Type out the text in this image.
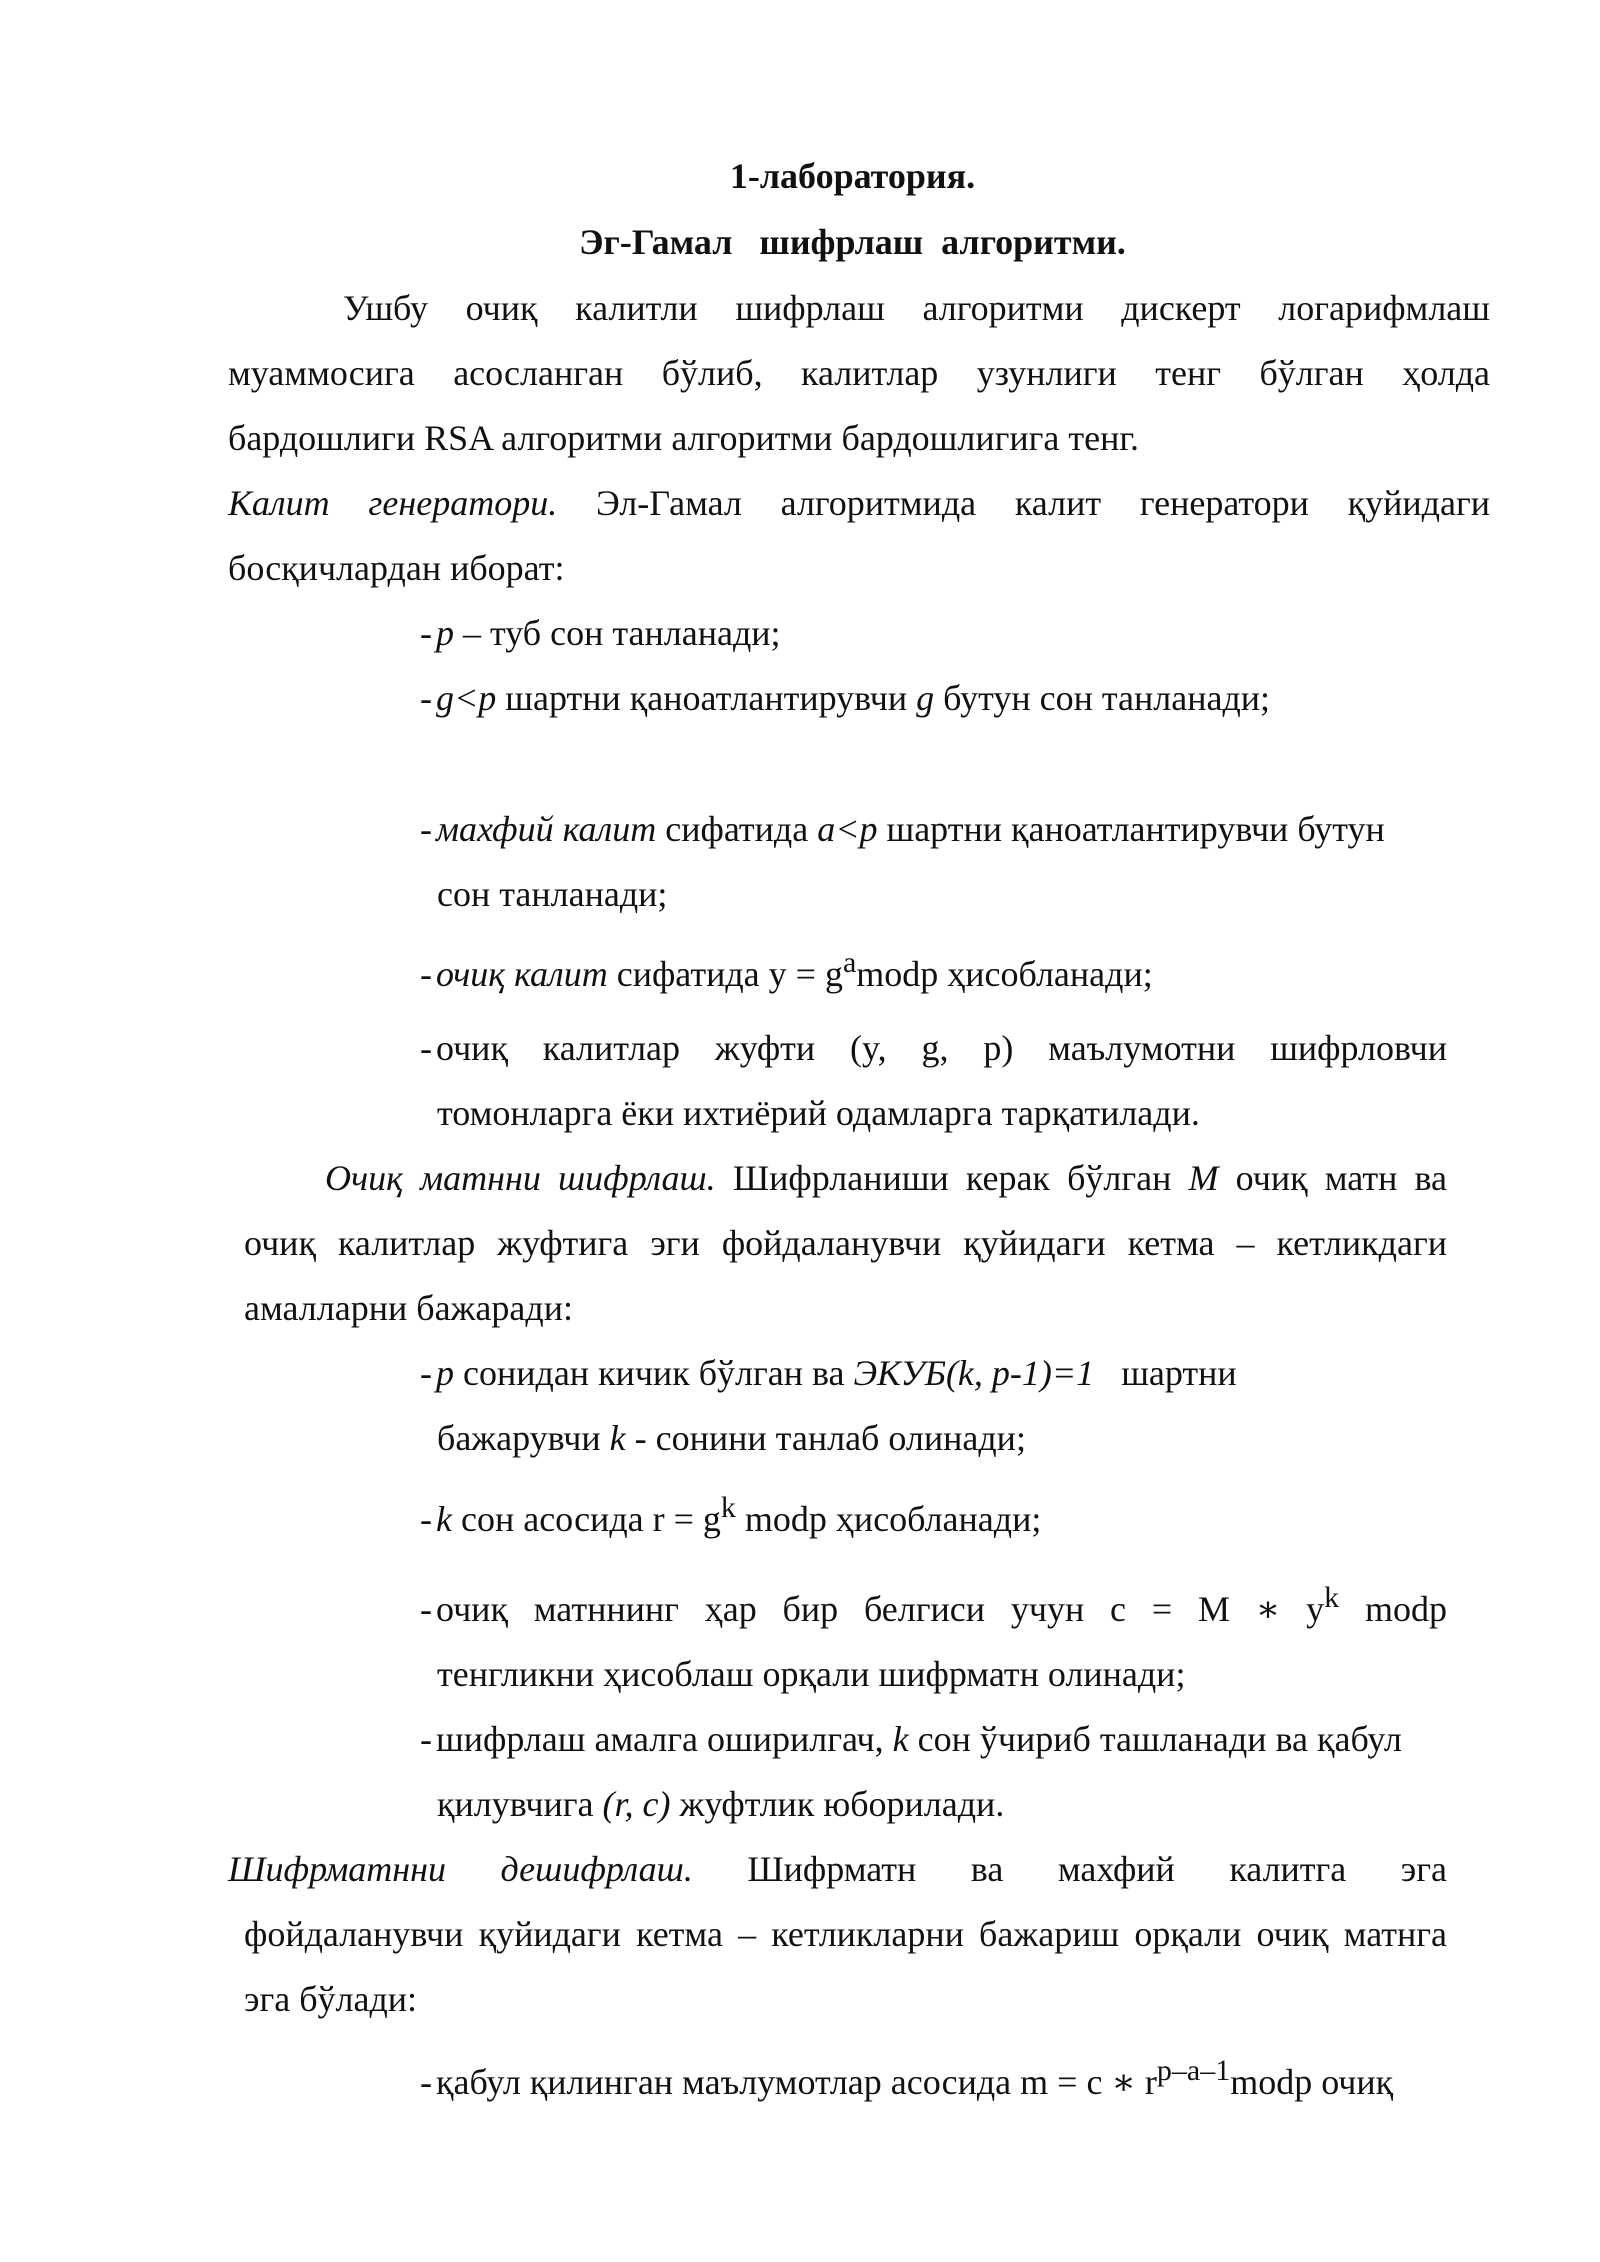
1-лаборатория.
Эг-Гамал   шифрлаш  алгоритми.
Ушбу очиқ калитли шифрлаш алгоритми дискерт логарифмлаш
муаммосига асосланган бўлиб, калитлар узунлиги тенг бўлган ҳолда
бардошлиги RSA алгоритми алгоритми бардошлигига тенг.
Калит генератори. Эл-Гамал алгоритмида калит генератори қуйидаги
босқичлардан иборат:
- p – туб сон танланади;
- g<p шартни қаноатлантирувчи g бутун сон танланади;
- махфий калит сифатида a<p шартни қаноатлантирувчи бутун
сон танланади;
- очиқ калит сифатида $y = g^amodp$ ҳисобланади;
- очиқ калитлар жуфти (y, g, p) маълумотни шифрловчи
томонларга ёки ихтиёрий одамларга тарқатилади.
Очиқ матнни шифрлаш. Шифрланиши керак бўлган M очиқ матн ва
очиқ калитлар жуфтига эги фойдаланувчи қуйидаги кетма – кетликдаги
амалларни бажаради:
- p сонидан кичик бўлган ва ЭКУБ(k, p-1)=1   шартни
бажарувчи k - сонини танлаб олинади;
- k сон асосида $r = g^k$ modp ҳисобланади;
- очиқ матннинг ҳар бир белгиси учун c = M ∗ $y^k$ modp
тенгликни ҳисоблаш орқали шифрматн олинади;
- шифрлаш амалга оширилгач, k сон ўчириб ташланади ва қабул
қилувчига (r, c) жуфтлик юборилади.
Шифрматнни дешифрлаш. Шифрматн ва махфий калитга эга
фойдаланувчи қуйидаги кетма – кетликларни бажариш орқали очиқ матнга
эга бўлади:
- қабул қилинган маълумотлар асосида m = c ∗ $r^{p-a-1}modp$ очиқ
